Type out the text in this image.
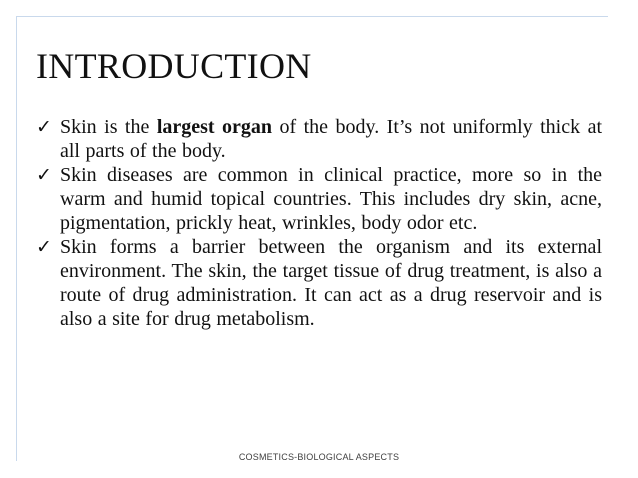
INTRODUCTION
✓ Skin is the largest organ of the body. It’s not uniformly thick at all parts of the body.
✓ Skin diseases are common in clinical practice, more so in the warm and humid topical countries. This includes dry skin, acne, pigmentation, prickly heat, wrinkles, body odor etc.
✓ Skin forms a barrier between the organism and its external environment. The skin, the target tissue of drug treatment, is also a route of drug administration. It can act as a drug reservoir and is also a site for drug metabolism.
COSMETICS-BIOLOGICAL ASPECTS
